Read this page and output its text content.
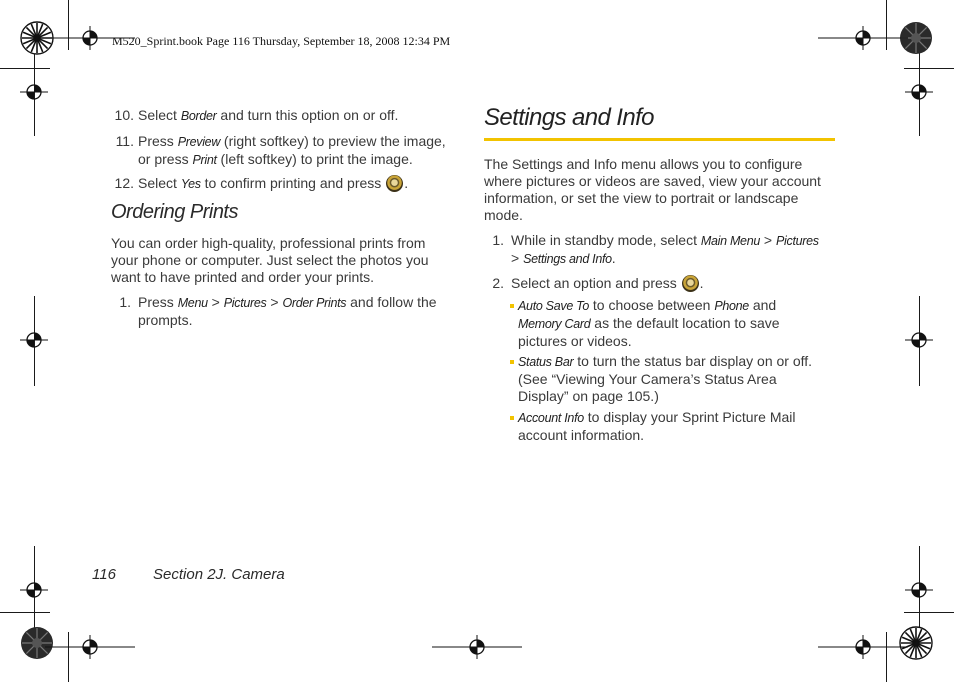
M520_Sprint.book Page 116 Thursday, September 18, 2008 12:34 PM
10. Select Border and turn this option on or off.
11. Press Preview (right softkey) to preview the image,
or press Print (left softkey) to print the image.
12. Select Yes to confirm printing and press .
Ordering Prints
You can order high-quality, professional prints from
your phone or computer. Just select the photos you
want to have printed and order your prints.
1. Press Menu > Pictures > Order Prints and follow the
prompts.
Settings and Info
The Settings and Info menu allows you to configure
where pictures or videos are saved, view your account
information, or set the view to portrait or landscape
mode.
1. While in standby mode, select Main Menu > Pictures
> Settings and Info.
2. Select an option and press .
Auto Save To to choose between Phone and
Memory Card as the default location to save
pictures or videos.
Status Bar to turn the status bar display on or off.
(See “Viewing Your Camera’s Status Area
Display” on page 105.)
Account Info to display your Sprint Picture Mail
account information.
116 Section 2J. Camera
